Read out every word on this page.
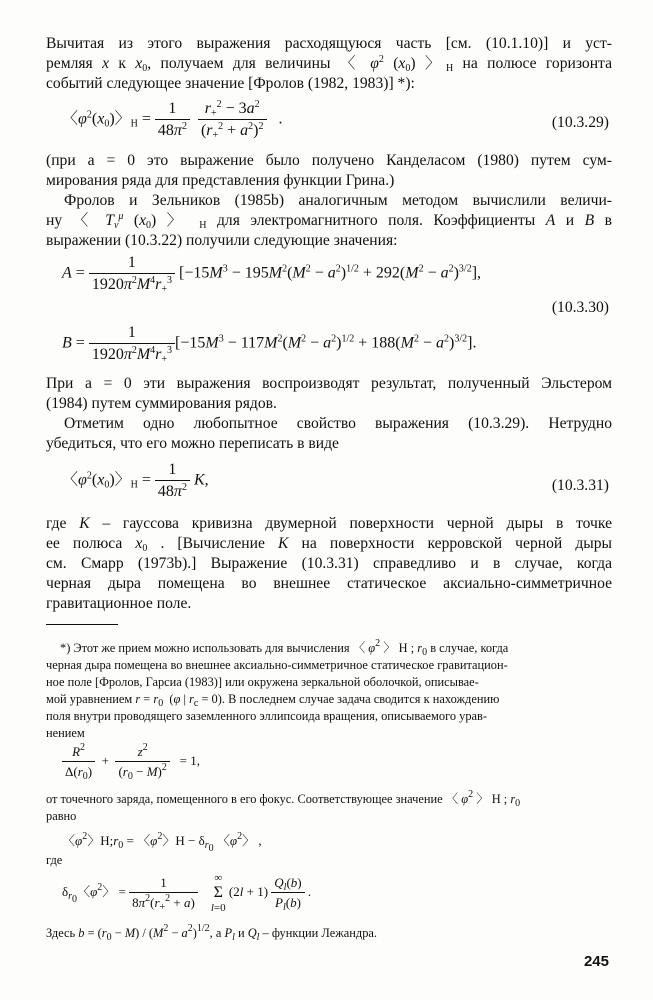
Вычитая из этого выражения расходящуюся часть [см. (10.1.10)] и уст-
ремляя x к $x_0$, получаем для величины 〈 $\varphi^2$ $(x_0)$ 〉$_H$ на полюсе горизонта
событий следующее значение [Фролов (1982, 1983)] *):
〈$\varphi^2(x_0)$〉$_H = \frac{1}{48\pi^2}$
$\frac{r_+^2 - 3a^2}{(r_+^2 + a^2)^2}$ .	(10.3.29)
(при a = 0 это выражение было получено Канделасом (1980) путем сум-
мирования ряда для представления функции Грина.)
Фролов и Зельников (1985b) аналогичным методом вычислили величи-
ну 〈 $T_\nu^\mu$ $(x_0)$ 〉 $_H$ для электромагнитного поля. Коэффициенты A и B в
выражении (10.3.22) получили следующие значения:
$A = \frac{1}{1920\pi^2M^4r_+^3} [-15M^3 - 195M^2(M^2 - a^2)^{1/2} + 292(M^2 - a^2)^{3/2}]$,
(10.3.30)
$B = \frac{1}{1920\pi^2M^4r_+^3} [-15M^3 - 117M^2(M^2 - a^2)^{1/2} + 188(M^2 - a^2)^{3/2}]$.
При a = 0 эти выражения воспроизводят результат, полученный Эльстером
(1984) путем суммирования рядов.
Отметим одно любопытное свойство выражения (10.3.29). Нетрудно
убедиться, что его можно переписать в виде
〈$\varphi^2(x_0)$〉$_H = \frac{1}{48\pi^2} K$,	(10.3.31)
где K – гауссова кривизна двумерной поверхности черной дыры в точке
ее полюса $x_0$ . [Вычисление K на поверхности керровской черной дыры
см. Смарр (1973b).] Выражение (10.3.31) справедливо и в случае, когда
черная дыра помещена во внешнее статическое аксиально-симметричное
гравитационное поле.
*) Этот же прием можно использовать для вычисления 〈 $\varphi^2$ 〉 H ; $r_0$ в случае, когда
черная дыра помещена во внешнее аксиально-симметричное статическое гравитацион-
ное поле [Фролов, Гарсиа (1983)] или окружена зеркальной оболочкой, описывае-
мой уравнением $r = r_0$  (φ | $r_c = 0$). В последнем случае задача сводится к нахождению
поля внутри проводящего заземленного эллипсоида вращения, описываемого урав-
нением
$\frac{R^2}{\Delta(r_0)} + \frac{z^2}{(r_0 - M)^2} = 1$,
от точечного заряда, помещенного в его фокус. Соответствующее значение 〈 $\varphi^2$ 〉 H ; $r_0$
равно
〈$\varphi^2$〉$H;r_0$ = 〈$\varphi^2$〉$H - \delta_{r_0}$ 〈$\varphi^2$〉 ,
где
$\delta_{r_0}$〈$\varphi^2$〉 = $\frac{1}{8\pi^2(r_+^2 + a)}$
	∞
Σ
l=0
$(2l + 1) \frac{Q_l(b)}{P_l(b)}$ .
Здесь $b = (r_0 - M) / (M^2 - a^2)^{1/2}$, а $P_l$ и $Q_l$ – функции Лежандра.
245
